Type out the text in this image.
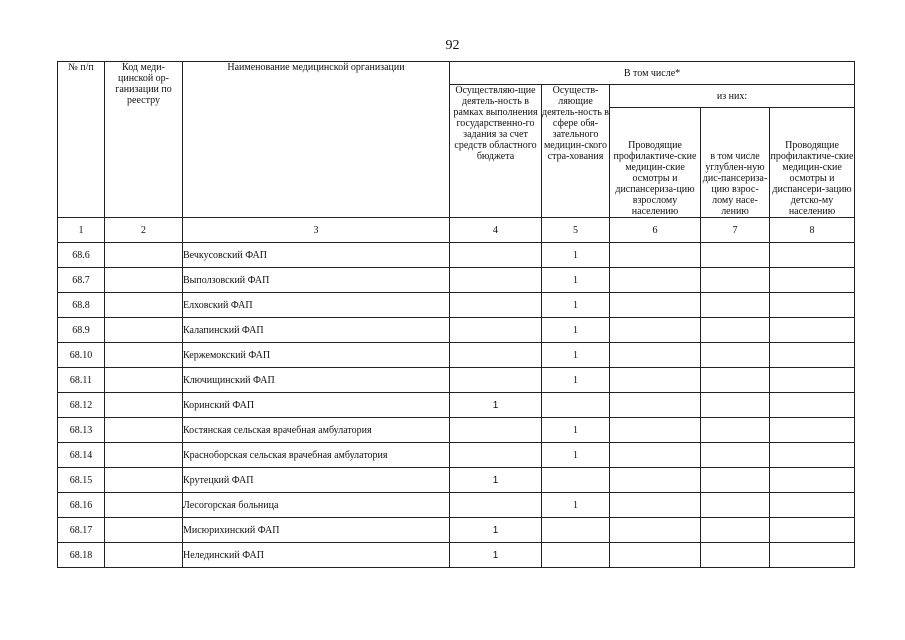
92
№ п/п	Код меди-цинской ор-ганизации по реестру	Наименование медицинской организации	В том числе*				
			Осуществляю-щие деятель-ность в рамках выполнения государственно-го задания за счет средств областного бюджета	Осуществ-ляющие деятель-ность в сфере обя-зательного медицин-ского стра-хования	из них:		
					Проводящие профилактиче-ские медицин-ские осмотры и диспансериза-цию взрослому населению	в том числе углублен-ную дис-пансериза-цию взрос-лому насе-лению	Проводящие профилактиче-ские медицин-ские осмотры и диспансери-зацию детско-му населению
1	2	3	4	5	6	7	8
68.6		Вечкусовский ФАП		1			
68.7		Выползовский ФАП		1			
68.8		Елховский ФАП		1			
68.9		Калапинский ФАП		1			
68.10		Кержемокский ФАП		1			
68.11		Ключищинский ФАП		1			
68.12		Коринский ФАП	1				
68.13		Костянская сельская врачебная амбулатория		1			
68.14		Красноборская сельская врачебная амбулатория		1			
68.15		Крутецкий ФАП	1				
68.16		Лесогорская больница		1			
68.17		Мисюрихинский ФАП	1				
68.18		Нелединский ФАП	1				
